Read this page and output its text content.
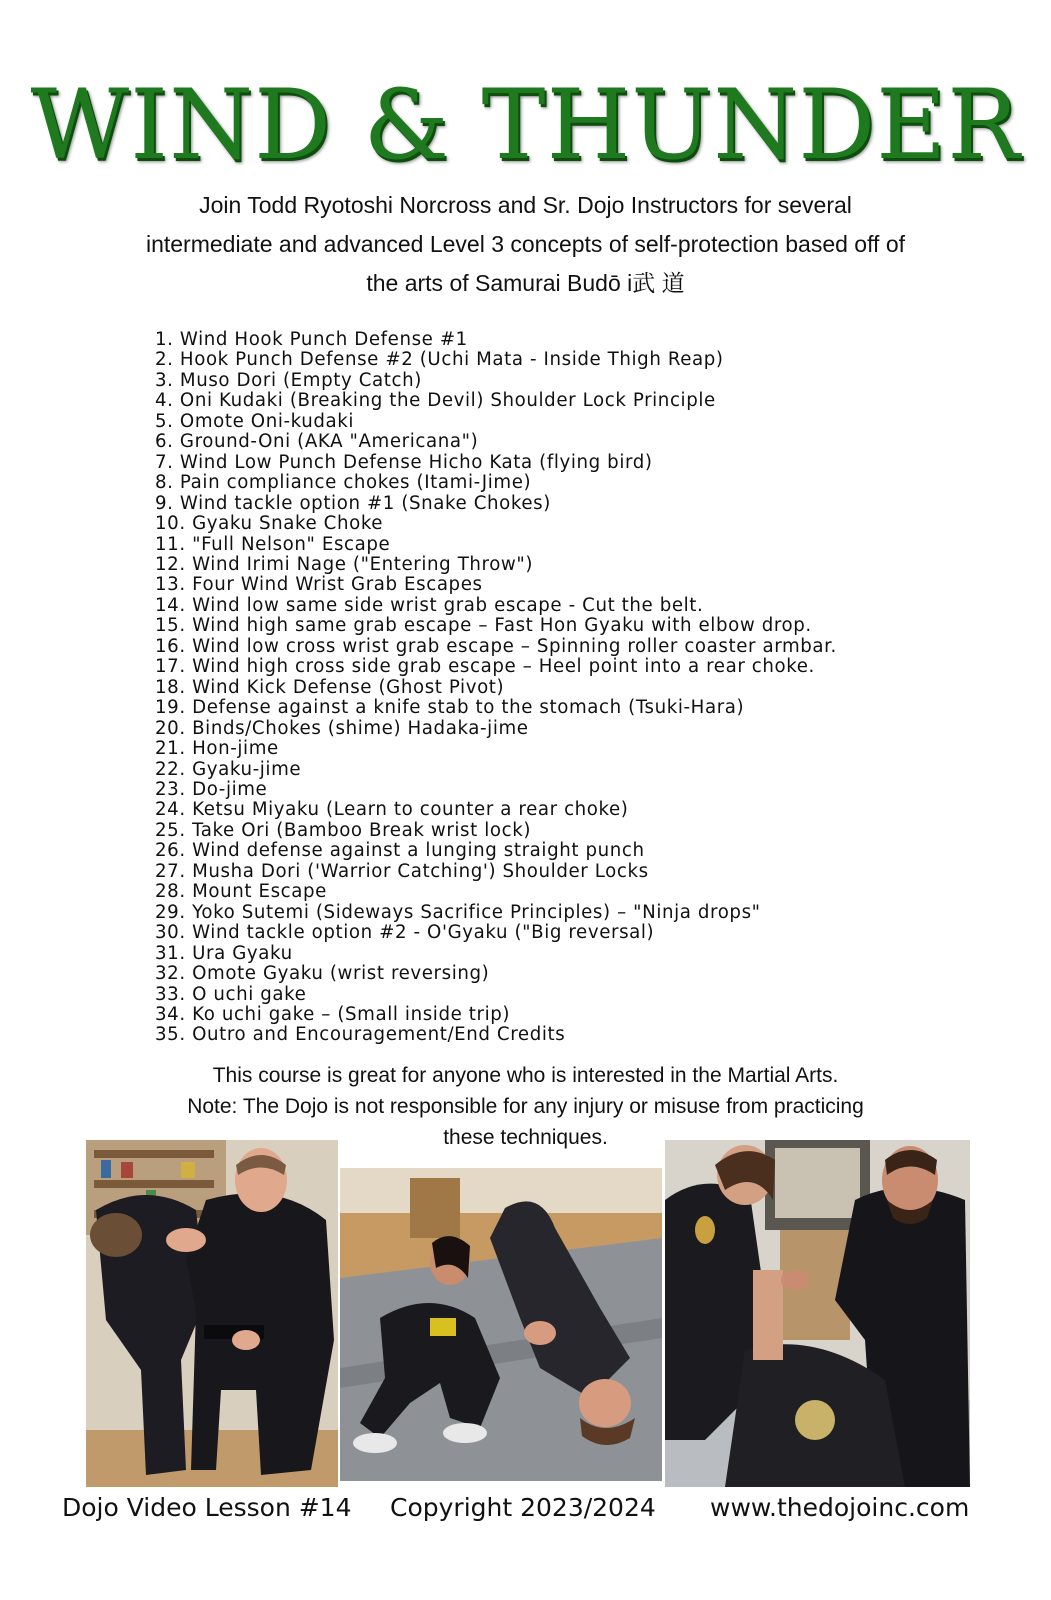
WIND & THUNDER
Join Todd Ryotoshi Norcross and Sr. Dojo Instructors for several
intermediate and advanced Level 3 concepts of self-protection based off of
the arts of Samurai Budō i武 道
1. Wind Hook Punch Defense #1
2. Hook Punch Defense #2 (Uchi Mata - Inside Thigh Reap)
3. Muso Dori (Empty Catch)
4. Oni Kudaki (Breaking the Devil) Shoulder Lock Principle
5. Omote Oni-kudaki
6. Ground-Oni (AKA "Americana")
7. Wind Low Punch Defense Hicho Kata (flying bird)
8. Pain compliance chokes (Itami-Jime)
9. Wind tackle option #1 (Snake Chokes)
10. Gyaku Snake Choke
11. "Full Nelson" Escape
12. Wind Irimi Nage ("Entering Throw")
13. Four Wind Wrist Grab Escapes
14. Wind low same side wrist grab escape - Cut the belt.
15. Wind high same grab escape – Fast Hon Gyaku with elbow drop.
16. Wind low cross wrist grab escape – Spinning roller coaster armbar.
17. Wind high cross side grab escape – Heel point into a rear choke.
18. Wind Kick Defense (Ghost Pivot)
19. Defense against a knife stab to the stomach (Tsuki-Hara)
20. Binds/Chokes (shime) Hadaka-jime
21. Hon-jime
22. Gyaku-jime
23. Do-jime
24. Ketsu Miyaku (Learn to counter a rear choke)
25. Take Ori (Bamboo Break wrist lock)
26. Wind defense against a lunging straight punch
27. Musha Dori ('Warrior Catching') Shoulder Locks
28. Mount Escape
29. Yoko Sutemi (Sideways Sacrifice Principles) – "Ninja drops"
30. Wind tackle option #2 - O'Gyaku ("Big reversal)
31. Ura Gyaku
32. Omote Gyaku (wrist reversing)
33. O uchi gake
34. Ko uchi gake – (Small inside trip)
35. Outro and Encouragement/End Credits
This course is great for anyone who is interested in the Martial Arts.
Note: The Dojo is not responsible for any injury or misuse from practicing
these techniques.
Dojo Video Lesson #14 Copyright 2023/2024 www.thedojoinc.com
